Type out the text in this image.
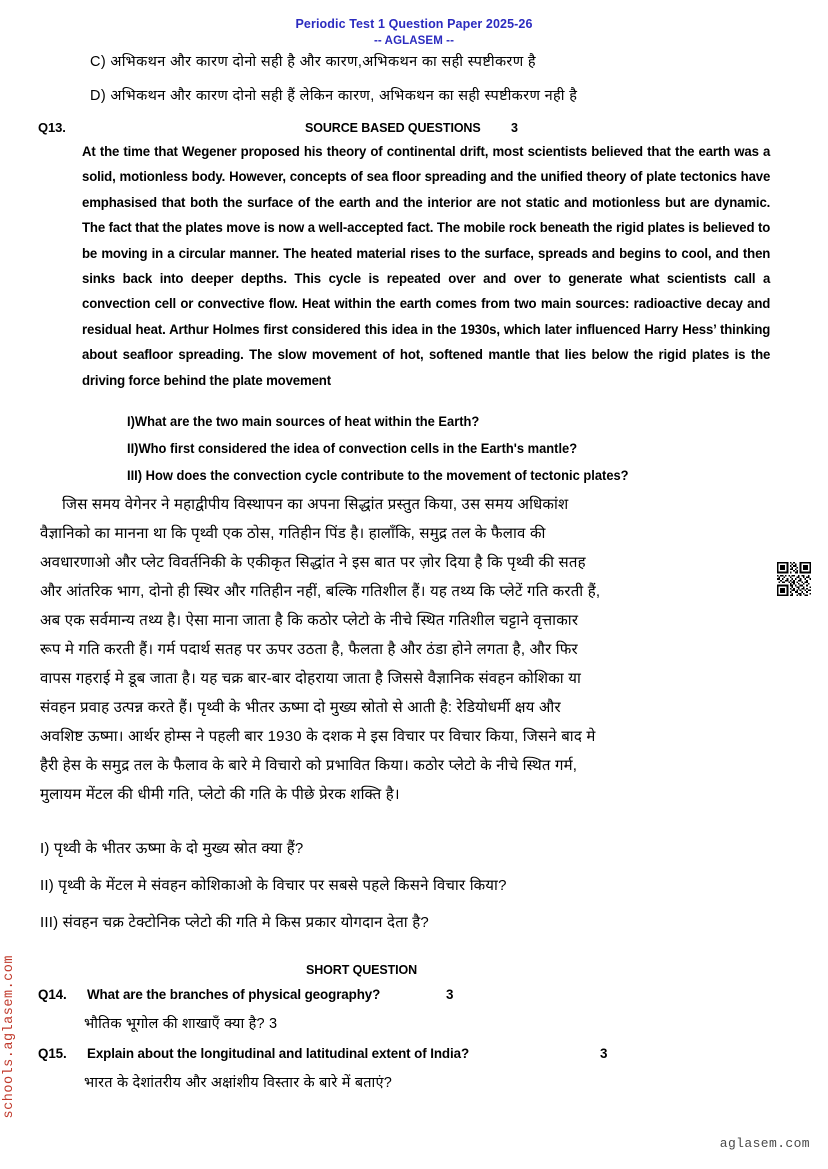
Periodic Test 1 Question Paper 2025-26
-- AGLASEM --
C) अभिकथन और कारण दोनो सही है और कारण,अभिकथन का सही स्पष्टीकरण है
D) अभिकथन और कारण दोनो सही हैं लेकिन कारण, अभिकथन का सही स्पष्टीकरण नही है
Q13.	SOURCE BASED QUESTIONS 3
At the time that Wegener proposed his theory of continental drift, most scientists believed that the earth was a solid, motionless body. However, concepts of sea floor spreading and the unified theory of plate tectonics have emphasised that both the surface of the earth and the interior are not static and motionless but are dynamic. The fact that the plates move is now a well-accepted fact. The mobile rock beneath the rigid plates is believed to be moving in a circular manner. The heated material rises to the surface, spreads and begins to cool, and then sinks back into deeper depths. This cycle is repeated over and over to generate what scientists call a convection cell or convective flow. Heat within the earth comes from two main sources: radioactive decay and residual heat. Arthur Holmes first considered this idea in the 1930s, which later influenced Harry Hess’ thinking about seafloor spreading. The slow movement of hot, softened mantle that lies below the rigid plates is the driving force behind the plate movement
I)What are the two main sources of heat within the Earth?
II)Who first considered the idea of convection cells in the Earth's mantle?
III) How does the convection cycle contribute to the movement of tectonic plates?
जिस समय वेगेनर ने महाद्वीपीय विस्थापन का अपना सिद्धांत प्रस्तुत किया, उस समय अधिकांश
वैज्ञानिको का मानना था कि पृथ्वी एक ठोस, गतिहीन पिंड है। हालाँकि, समुद्र तल के फैलाव की
अवधारणाओ और प्लेट विवर्तनिकी के एकीकृत सिद्धांत ने इस बात पर ज़ोर दिया है कि पृथ्वी की सतह
और आंतरिक भाग, दोनो ही स्थिर और गतिहीन नहीं, बल्कि गतिशील हैं। यह तथ्य कि प्लेटें गति करती हैं,
अब एक सर्वमान्य तथ्य है। ऐसा माना जाता है कि कठोर प्लेटो के नीचे स्थित गतिशील चट्टाने वृत्ताकार
रूप मे गति करती हैं। गर्म पदार्थ सतह पर ऊपर उठता है, फैलता है और ठंडा होने लगता है, और फिर
वापस गहराई मे डूब जाता है। यह चक्र बार-बार दोहराया जाता है जिससे वैज्ञानिक संवहन कोशिका या
संवहन प्रवाह उत्पन्न करते हैं। पृथ्वी के भीतर ऊष्मा दो मुख्य स्रोतो से आती है: रेडियोधर्मी क्षय और
अवशिष्ट ऊष्मा। आर्थर होम्स ने पहली बार 1930 के दशक मे इस विचार पर विचार किया, जिसने बाद मे
हैरी हेस के समुद्र तल के फैलाव के बारे मे विचारो को प्रभावित किया। कठोर प्लेटो के नीचे स्थित गर्म,
मुलायम मेंटल की धीमी गति, प्लेटो की गति के पीछे प्रेरक शक्ति है।
I) पृथ्वी के भीतर ऊष्मा के दो मुख्य स्रोत क्या हैं?
II) पृथ्वी के मेंटल मे संवहन कोशिकाओ के विचार पर सबसे पहले किसने विचार किया?
III) संवहन चक्र टेक्टोनिक प्लेटो की गति मे किस प्रकार योगदान देता है?
SHORT QUESTION
Q14. What are the branches of physical geography?	3
भौतिक भूगोल की शाखाएँ क्या है? 3
Q15. Explain about the longitudinal and latitudinal extent of India?	3
भारत के देशांतरीय और अक्षांशीय विस्तार के बारे में बताएं?
schools.aglasem.com
aglasem.com
